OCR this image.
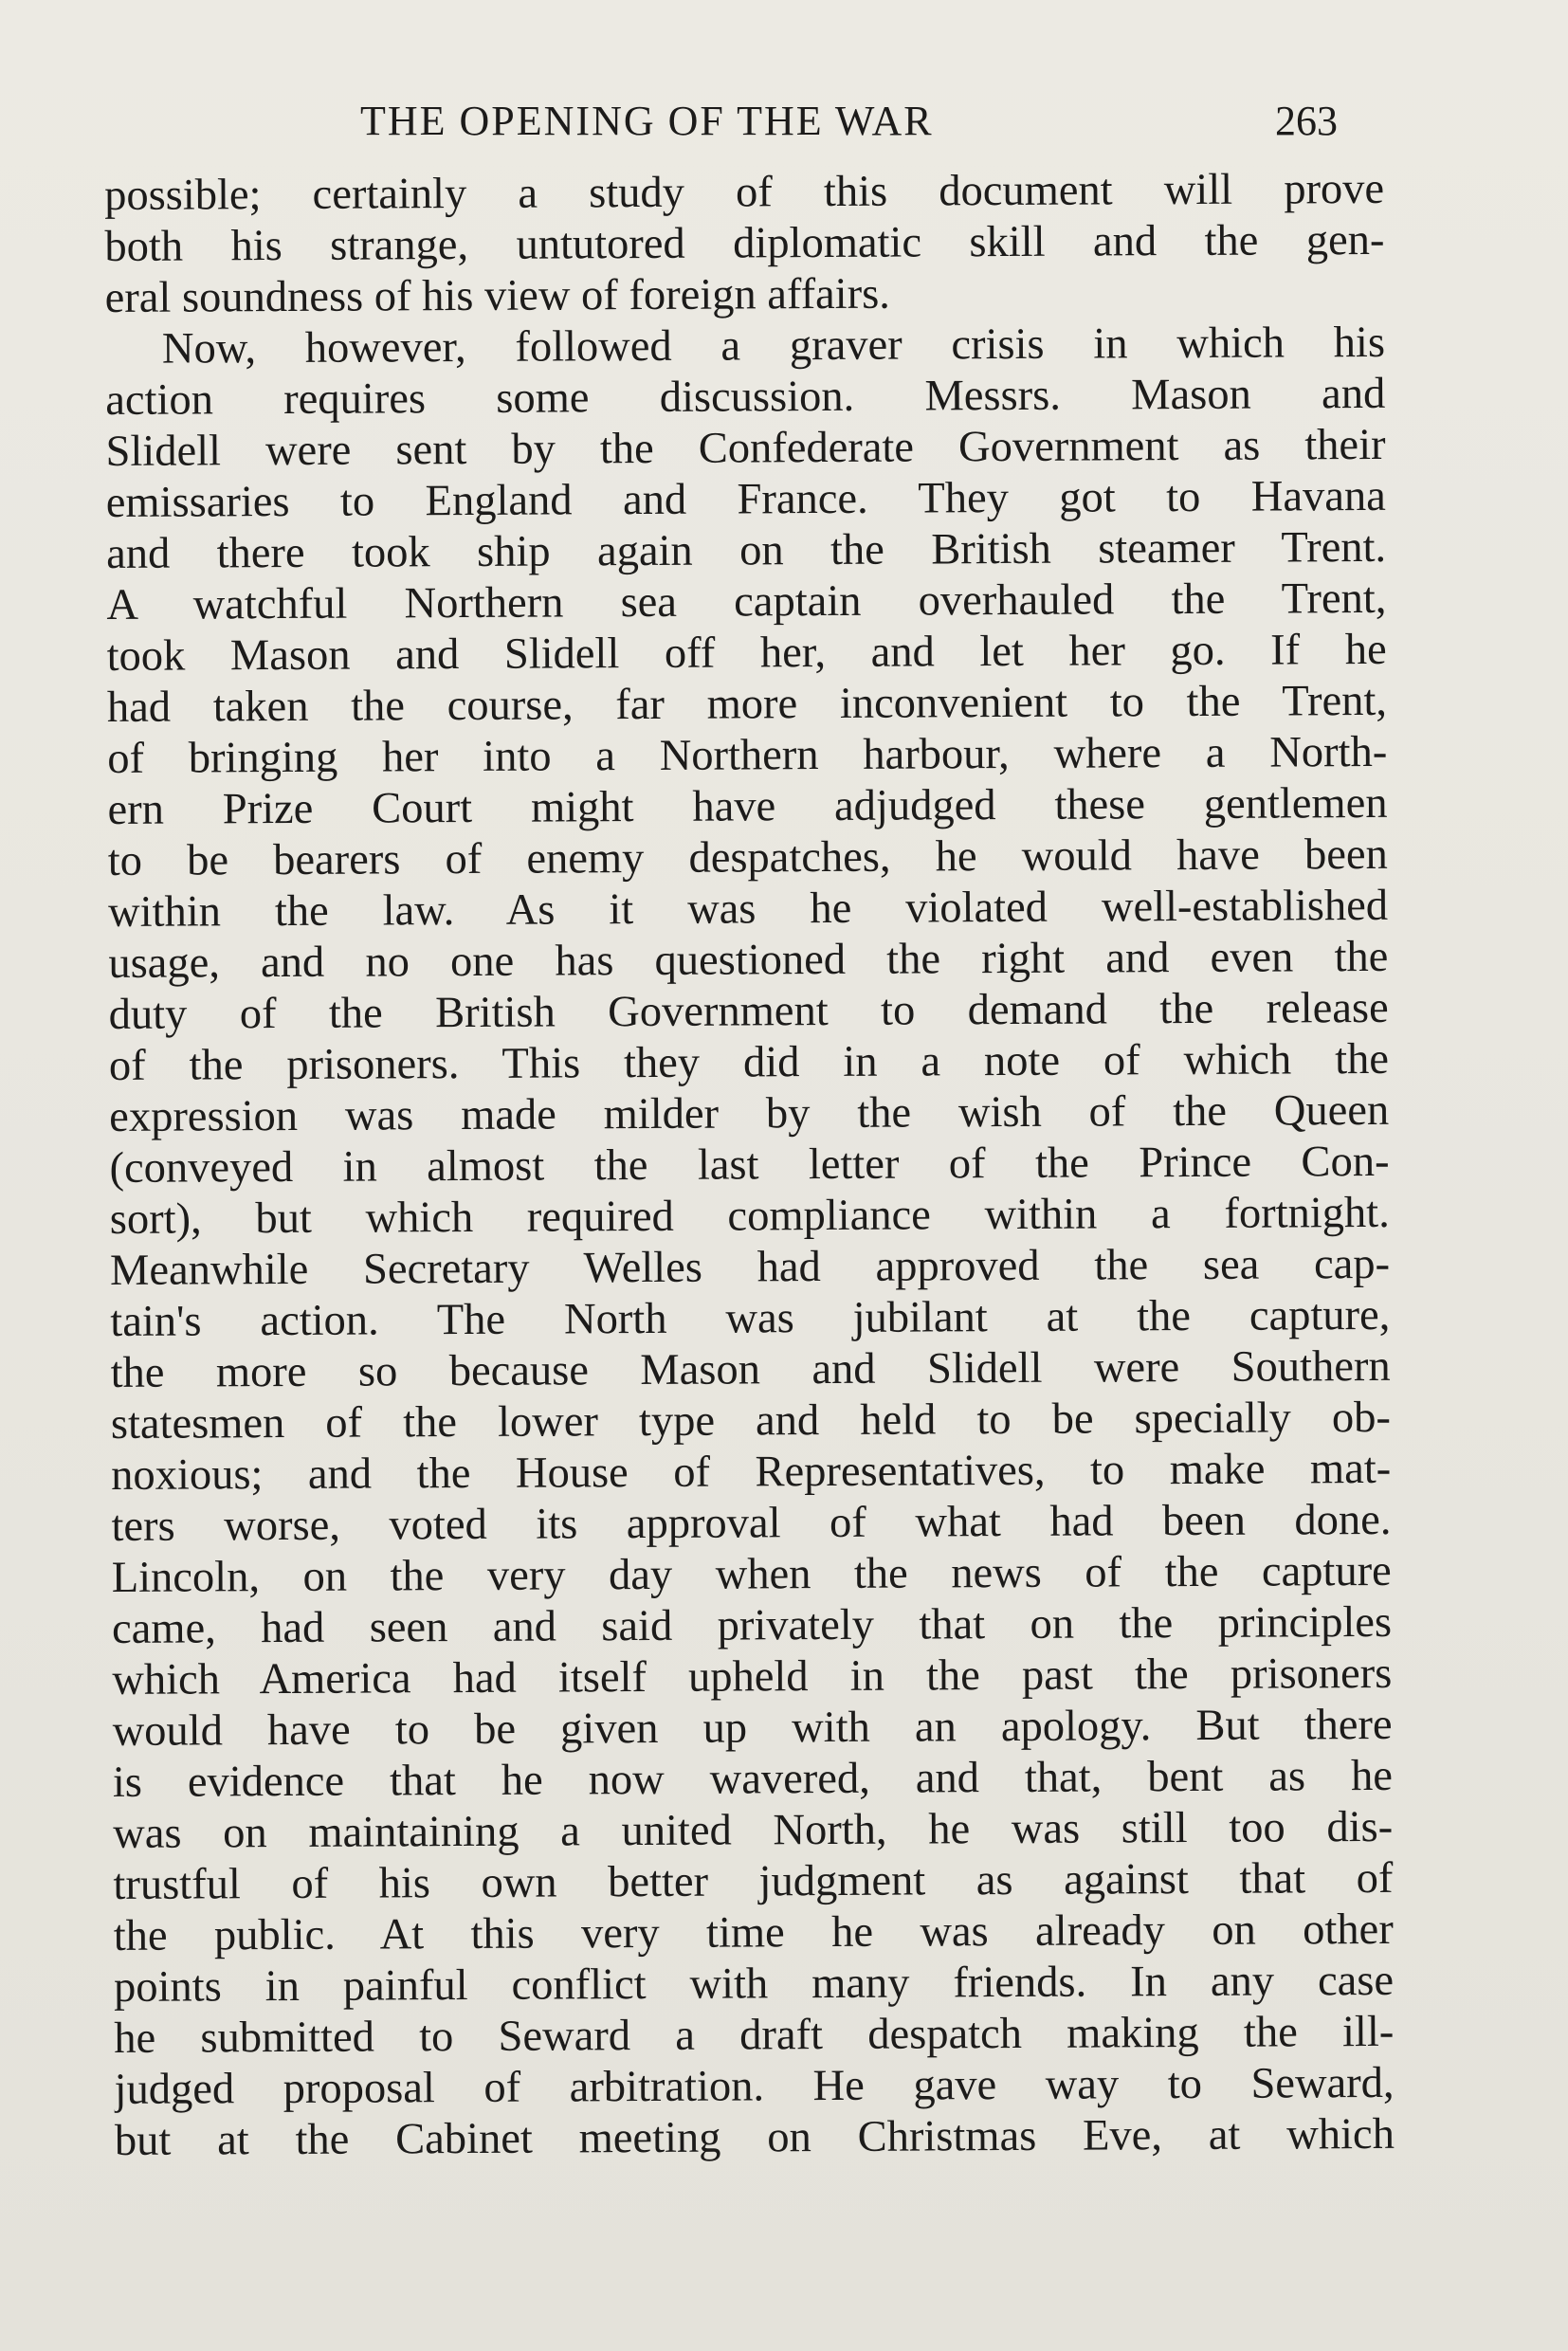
THE OPENING OF THE WAR	263
possible; certainly a study of this document will prove
both his strange, untutored diplomatic skill and the gen-
eral soundness of his view of foreign affairs.
Now, however, followed a graver crisis in which his
action requires some discussion. Messrs. Mason and
Slidell were sent by the Confederate Government as their
emissaries to England and France. They got to Havana
and there took ship again on the British steamer Trent.
A watchful Northern sea captain overhauled the Trent,
took Mason and Slidell off her, and let her go. If he
had taken the course, far more inconvenient to the Trent,
of bringing her into a Northern harbour, where a North-
ern Prize Court might have adjudged these gentlemen
to be bearers of enemy despatches, he would have been
within the law. As it was he violated well-established
usage, and no one has questioned the right and even the
duty of the British Government to demand the release
of the prisoners. This they did in a note of which the
expression was made milder by the wish of the Queen
(conveyed in almost the last letter of the Prince Con-
sort), but which required compliance within a fortnight.
Meanwhile Secretary Welles had approved the sea cap-
tain's action. The North was jubilant at the capture,
the more so because Mason and Slidell were Southern
statesmen of the lower type and held to be specially ob-
noxious; and the House of Representatives, to make mat-
ters worse, voted its approval of what had been done.
Lincoln, on the very day when the news of the capture
came, had seen and said privately that on the principles
which America had itself upheld in the past the prisoners
would have to be given up with an apology. But there
is evidence that he now wavered, and that, bent as he
was on maintaining a united North, he was still too dis-
trustful of his own better judgment as against that of
the public. At this very time he was already on other
points in painful conflict with many friends. In any case
he submitted to Seward a draft despatch making the ill-
judged proposal of arbitration. He gave way to Seward,
but at the Cabinet meeting on Christmas Eve, at which
